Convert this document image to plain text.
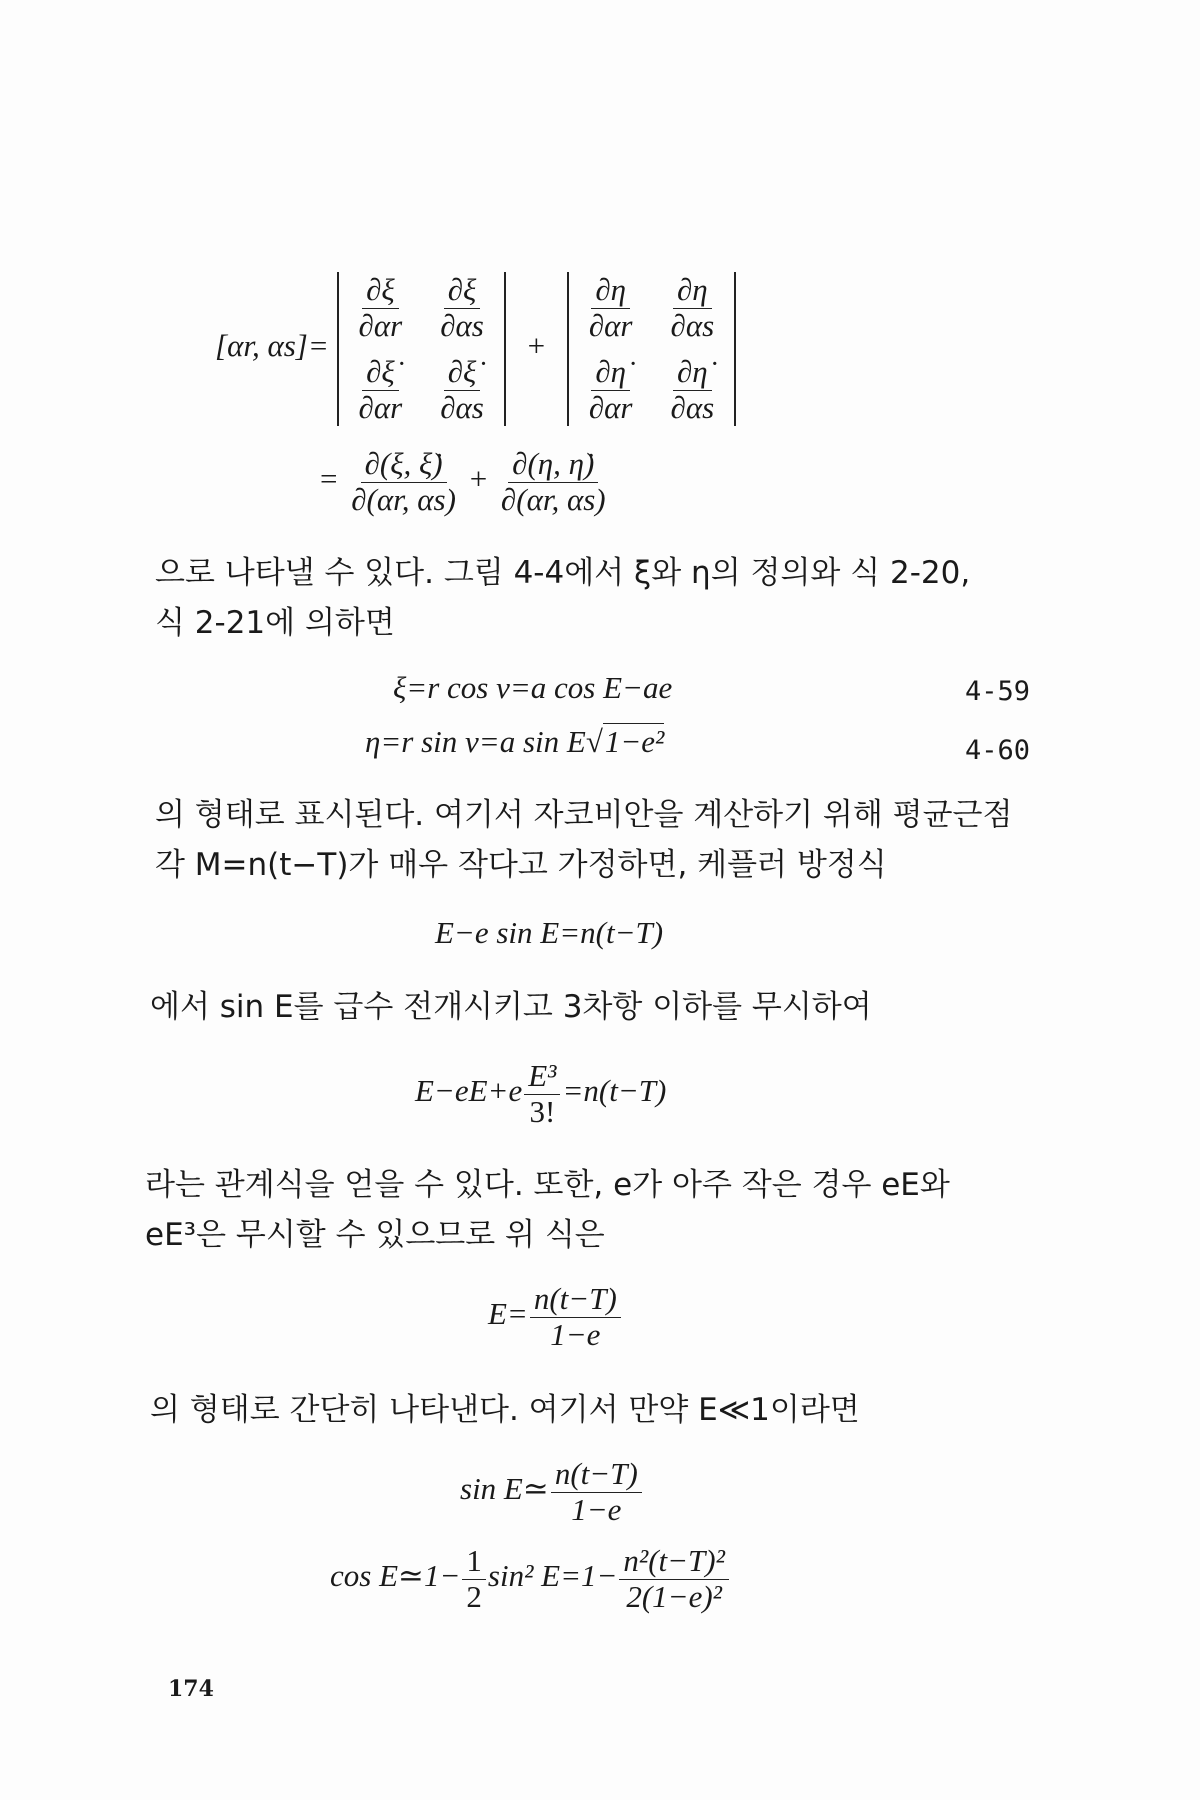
[αr, αs]=
$\frac{\partial\xi}{\partial\alpha r} \frac{\partial\xi}{\partial\alpha s}$
$\frac{\partial\xi̇}{\partial\alpha r} \frac{\partial\xi̇}{\partial\alpha s}$
+
$\frac{\partial\eta}{\partial\alpha r} \frac{\partial\eta}{\partial\alpha s}$
$\frac{\partial\etȧ}{\partial\alpha r} \frac{\partial\etȧ}{\partial\alpha s}$
= $\frac{\partial(\xi, \xi̇)}{\partial(\alpha r, \alpha s)} + \frac{\partial(\eta, \etȧ)}{\partial(\alpha r, \alpha s)}$
으로 나타낼 수 있다. 그림 4-4에서 ξ와 η의 정의와 식 2-20,
식 2-21에 의하면
ξ=r cos ν=a cos E−ae	4-59
η=r sin ν=a sin E√1−e²	4-60
의 형태로 표시된다. 여기서 자코비안을 계산하기 위해 평균근점
각 M=n(t−T)가 매우 작다고 가정하면, 케플러 방정식
E−e sin E=n(t−T)
에서 sin E를 급수 전개시키고 3차항 이하를 무시하여
$E-eE+e \frac{\text{E³}}{3!} =n(t-T)$
라는 관계식을 얻을 수 있다. 또한, e가 아주 작은 경우 eE와
eE³은 무시할 수 있으므로 위 식은
$E= \frac{n(t-T)}{1-e}$
의 형태로 간단히 나타낸다. 여기서 만약 E≪1이라면
sin E≃ $\frac{n(t-T)}{1-e}$
cos E≃1− $\frac{1}{2} \sin^2$ $E=1- \frac{\text{n²(t−T)²}}{\text{2(1−e)²}}$
174
